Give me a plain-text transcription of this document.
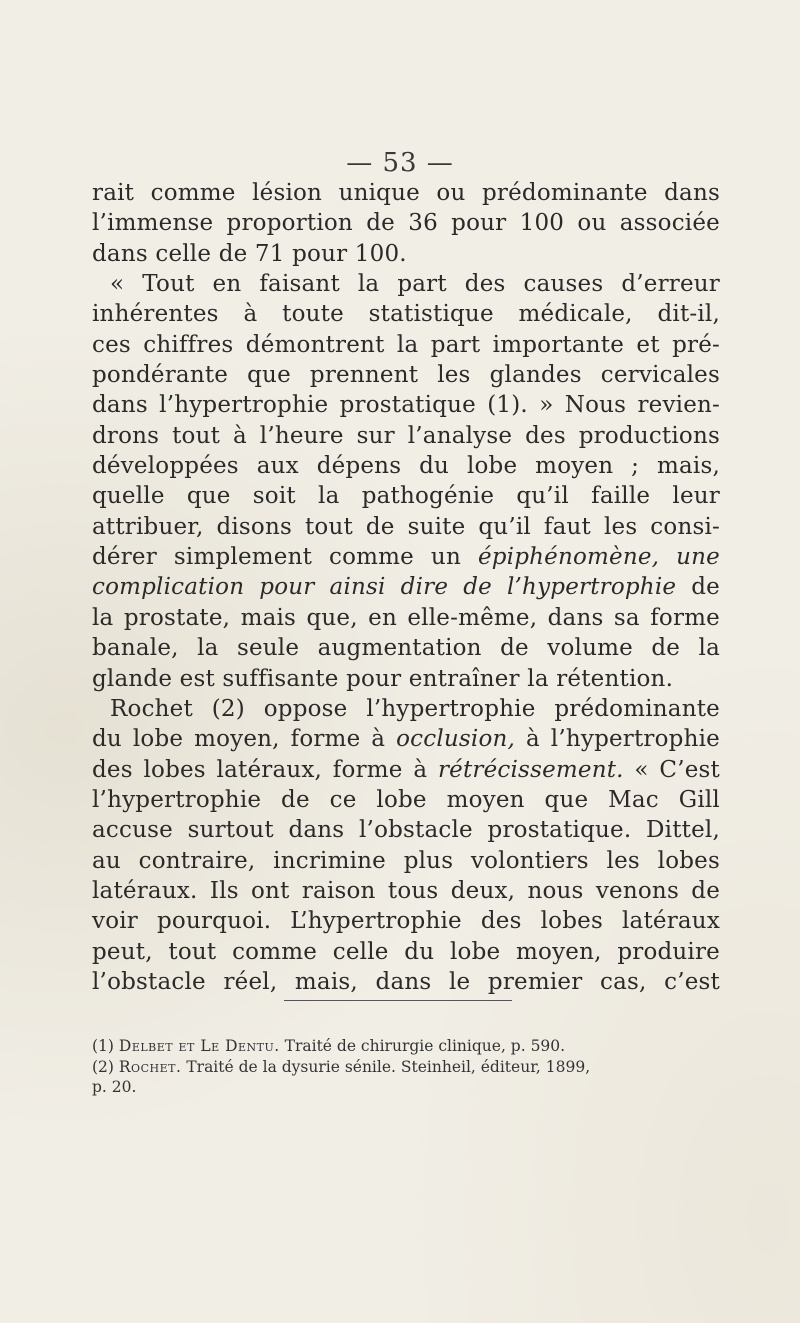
— 53 —
rait comme lésion unique ou prédominante dans
l’immense proportion de 36 pour 100 ou associée
dans celle de 71 pour 100.
« Tout en faisant la part des causes d’erreur
inhérentes à toute statistique médicale, dit-il,
ces chiffres démontrent la part importante et pré-
pondérante que prennent les glandes cervicales
dans l’hypertrophie prostatique (1). » Nous revien-
drons tout à l’heure sur l’analyse des productions
développées aux dépens du lobe moyen ; mais,
quelle que soit la pathogénie qu’il faille leur
attribuer, disons tout de suite qu’il faut les consi-
dérer simplement comme un épiphénomène, une
complication pour ainsi dire de l’hypertrophie de
la prostate, mais que, en elle-même, dans sa forme
banale, la seule augmentation de volume de la
glande est suffisante pour entraîner la rétention.
Rochet (2) oppose l’hypertrophie prédominante
du lobe moyen, forme à occlusion, à l’hypertrophie
des lobes latéraux, forme à rétrécissement. « C’est
l’hypertrophie de ce lobe moyen que Mac Gill
accuse surtout dans l’obstacle prostatique. Dittel,
au contraire, incrimine plus volontiers les lobes
latéraux. Ils ont raison tous deux, nous venons de
voir pourquoi. L’hypertrophie des lobes latéraux
peut, tout comme celle du lobe moyen, produire
l’obstacle réel, mais, dans le premier cas, c’est
(1) Delbet et Le Dentu. Traité de chirurgie clinique, p. 590.
(2) Rochet. Traité de la dysurie sénile. Steinheil, éditeur, 1899,
p. 20.
